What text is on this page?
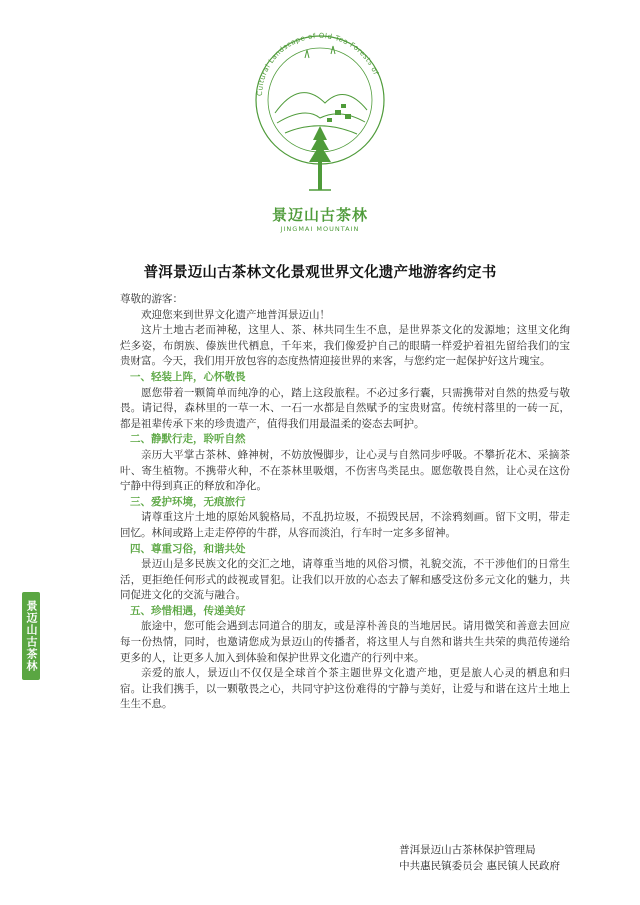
Cultural Landscape of Old Tea Forests of
景迈山古茶林
JINGMAI MOUNTAIN
普洱景迈山古茶林文化景观世界文化遗产地游客约定书

尊敬的游客：

欢迎您来到世界文化遗产地普洱景迈山！

这片土地古老而神秘，这里人、茶、林共同生生不息，是世界茶文化的发源地；这里文化绚烂多姿，布朗族、傣族世代栖息，千年来，我们像爱护自己的眼睛一样爱护着祖先留给我们的宝贵财富。今天，我们用开放包容的态度热情迎接世界的来客，与您约定一起保护好这片瑰宝。

一、轻装上阵，心怀敬畏

愿您带着一颗简单而纯净的心，踏上这段旅程。不必过多行囊，只需携带对自然的热爱与敬畏。请记得，森林里的一草一木、一石一水都是自然赋予的宝贵财富。传统村落里的一砖一瓦，都是祖辈传承下来的珍贵遗产，值得我们用最温柔的姿态去呵护。

二、静默行走，聆听自然

亲历大平掌古茶林、蜂神树，不妨放慢脚步，让心灵与自然同步呼吸。不攀折花木、采摘茶叶、寄生植物。不携带火种，不在茶林里吸烟，不伤害鸟类昆虫。愿您敬畏自然，让心灵在这份宁静中得到真正的释放和净化。

三、爱护环境，无痕旅行

请尊重这片土地的原始风貌格局，不乱扔垃圾，不损毁民居，不涂鸦刻画。留下文明，带走回忆。林间或路上走走停停的牛群，从容而淡泊，行车时一定多多留神。

四、尊重习俗，和谐共处

景迈山是多民族文化的交汇之地，请尊重当地的风俗习惯，礼貌交流，不干涉他们的日常生活，更拒绝任何形式的歧视或冒犯。让我们以开放的心态去了解和感受这份多元文化的魅力，共同促进文化的交流与融合。

五、珍惜相遇，传递美好

旅途中，您可能会遇到志同道合的朋友，或是淳朴善良的当地居民。请用微笑和善意去回应每一份热情，同时，也邀请您成为景迈山的传播者，将这里人与自然和谐共生共荣的典范传递给更多的人，让更多人加入到体验和保护世界文化遗产的行列中来。

亲爱的旅人，景迈山不仅仅是全球首个茶主题世界文化遗产地，更是旅人心灵的栖息和归宿。让我们携手，以一颗敬畏之心，共同守护这份难得的宁静与美好，让爱与和谐在这片土地上生生不息。

普洱景迈山古茶林保护管理局
中共惠民镇委员会 惠民镇人民政府
景迈山古茶林
